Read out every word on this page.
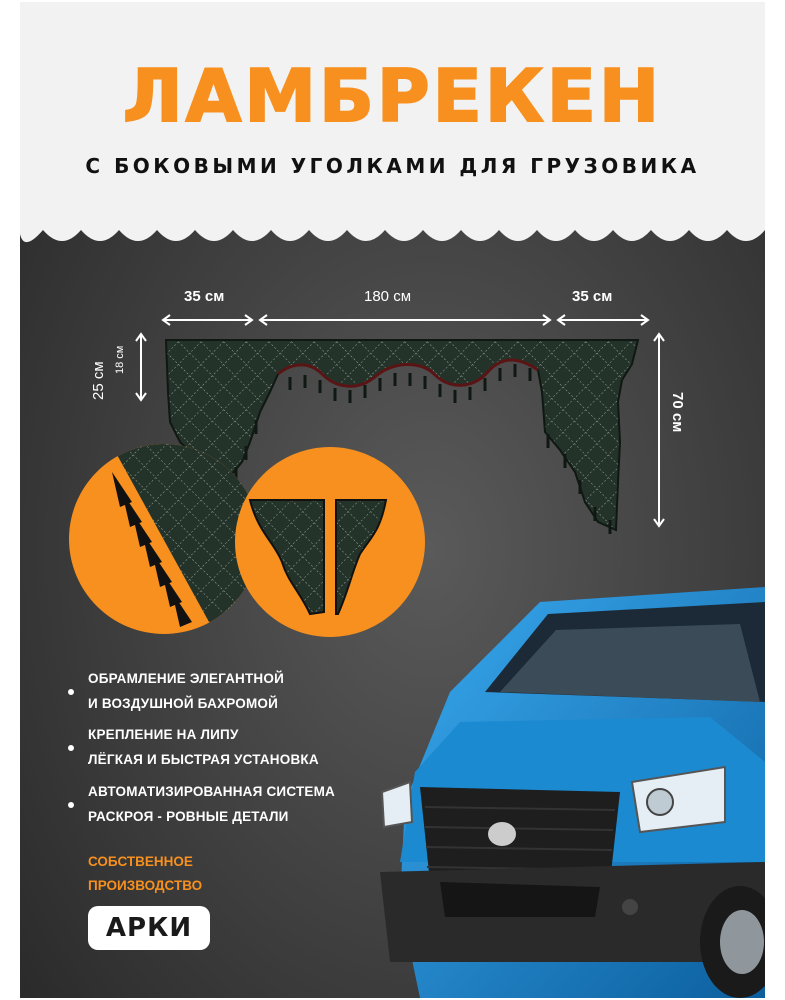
ЛАМБРЕКЕН
С БОКОВЫМИ УГОЛКАМИ ДЛЯ ГРУЗОВИКА
35 см	180 см	35 см
25 см
18 см
70 см
ОБРАМЛЕНИЕ ЭЛЕГАНТНОЙ
И ВОЗДУШНОЙ БАХРОМОЙ
КРЕПЛЕНИЕ НА ЛИПУ
ЛЁГКАЯ И БЫСТРАЯ УСТАНОВКА
АВТОМАТИЗИРОВАННАЯ СИСТЕМА
РАСКРОЯ - РОВНЫЕ ДЕТАЛИ
СОБСТВЕННОЕ
ПРОИЗВОДСТВО
АРКИ
